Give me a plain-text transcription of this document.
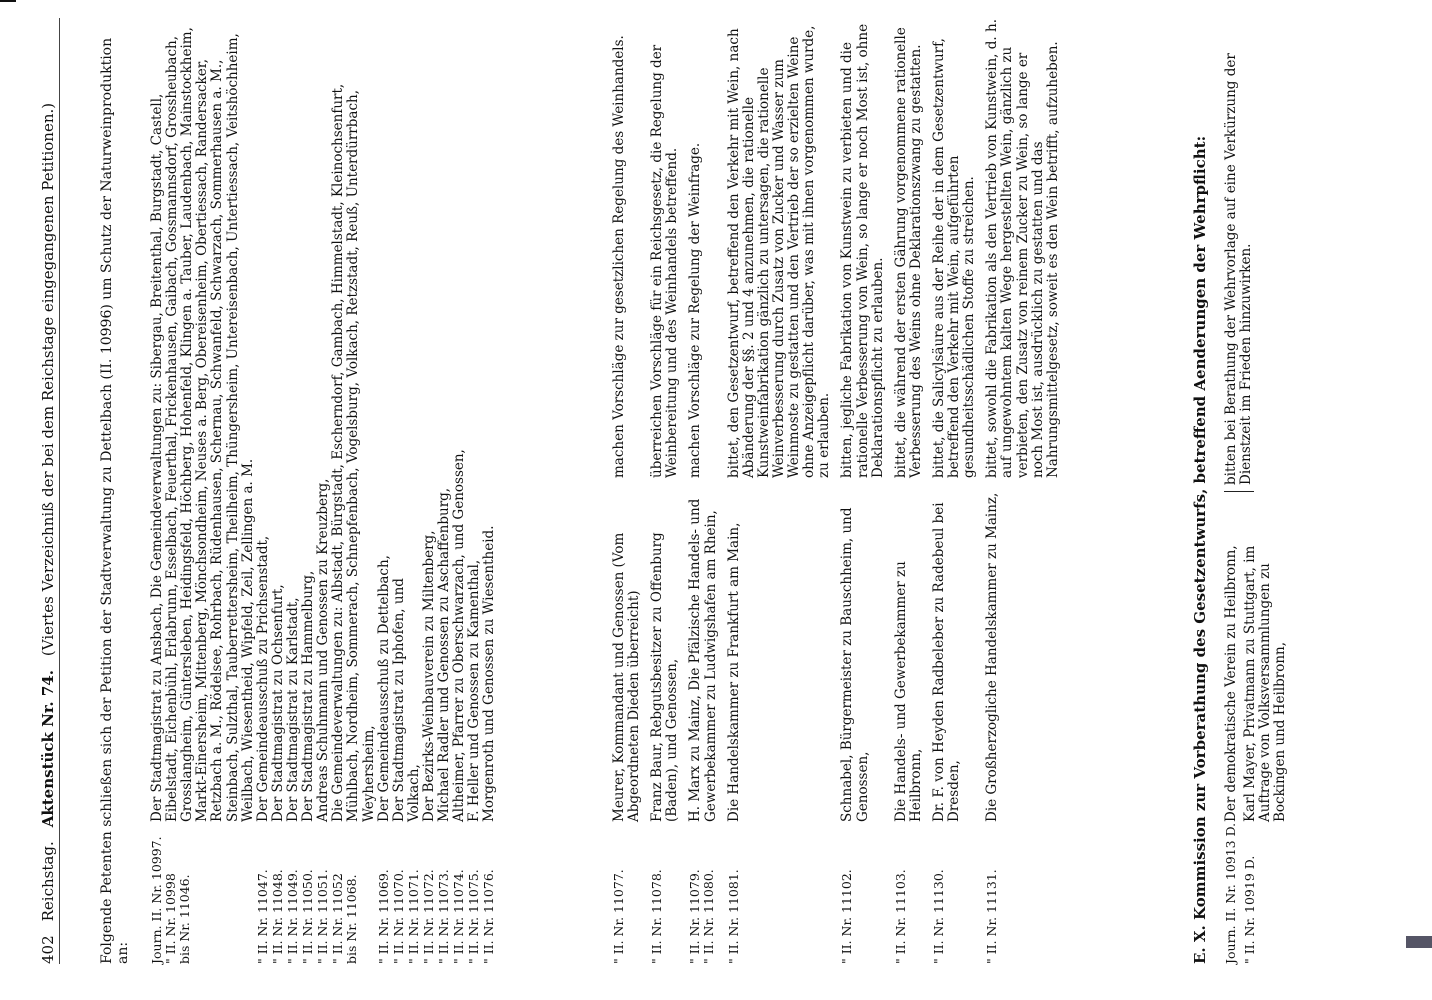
402
Reichstag.
Aktenstück Nr. 74.
(Viertes Verzeichniß der bei dem Reichstage eingegangenen Petitionen.)	Folgende Petenten schließen sich der Petition der Stadtverwaltung zu Dettelbach (II. 10996) um Schutz der Naturweinproduktion an: Journ. II. Nr. 10997.
" II. Nr. 10998
bis Nr. 11046.
Der Stadtmagistrat zu Ansbach, Die Gemeindeverwaltungen zu: Sibergau, Breitenthal, Burgstadt, Castell, Eibelstadt, Eichenbühl, Erlabrunn, Esselbach, Feuerthal, Frickenhausen, Gaibach, Gossmannsdorf, Grossheubach, Grosslangheim, Güntersleben, Heidingsfeld, Höchberg, Hohenfeld, Klingen a. Tauber, Laudenbach, Mainstockheim, Markt-Einersheim, Mittenberg, Mönchsondheim, Neuses a. Berg, Obereisenheim, Obertiessach, Randersacker, Retzbach a. M., Rödelsee, Rohrbach, Rüdenhausen, Schernau, Schwanfeld, Schwarzach, Sommerhausen a. M., Steinbach, Sulzthal, Tauberrettersheim, Theilheim, Thüngersheim, Untereisenbach, Untertiessach, Veitshöchheim, Weilbach, Wiesentheid, Wipfeld, Zeil, Zellingen a. M.
" II. Nr. 11047.
Der Gemeindeausschuß zu Prichsenstadt,
" II. Nr. 11048.
Der Stadtmagistrat zu Ochsenfurt,
" II. Nr. 11049.
Der Stadtmagistrat zu Karlstadt,
" II. Nr. 11050.
Der Stadtmagistrat zu Hammelburg,
" II. Nr. 11051.
Andreas Schuhmann und Genossen zu Kreuzberg,
" II. Nr. 11052
bis Nr. 11068.
Die Gemeindeverwaltungen zu: Albstadt, Bürgstadt, Escherndorf, Gambach, Himmelstadt, Kleinochsenfurt, Mühlbach, Nordheim, Sommerach, Schnepfenbach, Vogelsburg, Volkach, Retzstadt, Reuß, Unterdürrbach, Weyhersheim,
" II. Nr. 11069.
Der Gemeindeausschuß zu Dettelbach,
" II. Nr. 11070.
Der Stadtmagistrat zu Iphofen, und
" II. Nr. 11071.
Volkach,
" II. Nr. 11072.
Der Bezirks-Weinbauverein zu Miltenberg,
" II. Nr. 11073.
Michael Radler und Genossen zu Aschaffenburg,
" II. Nr. 11074.
Altheimer, Pfarrer zu Oberschwarzach, und Genossen,
" II. Nr. 11075.
F. Heller und Genossen zu Kamenthal,
" II. Nr. 11076.
Morgenroth und Genossen zu Wiesentheid.
" II. Nr. 11077.
Meurer, Kommandant und Genossen (Vom Abgeordneten Dieden überreicht)
machen Vorschläge zur gesetzlichen Regelung des Weinhandels.
" II. Nr. 11078.
Franz Baur, Rebgutsbesitzer zu Offenburg (Baden), und Genossen,
überreichen Vorschläge für ein Reichsgesetz, die Regelung der Weinbereitung und des Weinhandels betreffend.
" II. Nr. 11079.
" II. Nr. 11080.
H. Marx zu Mainz, Die Pfälzische Handels- und Gewerbekammer zu Ludwigshafen am Rhein,
machen Vorschläge zur Regelung der Weinfrage.
" II. Nr. 11081.
Die Handelskammer zu Frankfurt am Main,
bittet, den Gesetzentwurf, betreffend den Verkehr mit Wein, nach Abänderung der §§. 2 und 4 anzunehmen, die rationelle Kunstweinfabrikation gänzlich zu untersagen, die rationelle Weinverbesserung durch Zusatz von Zucker und Wasser zum Weinmoste zu gestatten und den Vertrieb der so erzielten Weine ohne Anzeigepflicht darüber, was mit ihnen vorgenommen wurde, zu erlauben.
" II. Nr. 11102.
Schnabel, Bürgermeister zu Bauschheim, und Genossen,
bitten, jegliche Fabrikation von Kunstwein zu verbieten und die rationelle Verbesserung von Wein, so lange er noch Most ist, ohne Deklarationspflicht zu erlauben.
" II. Nr. 11103.
Die Handels- und Gewerbekammer zu Heilbronn,
bittet, die während der ersten Gährung vorgenommene rationelle Verbesserung des Weins ohne Deklarationszwang zu gestatten.
" II. Nr. 11130.
Dr. F. von Heyden Radbeleber zu Radebeul bei Dresden,
bittet, die Salicylsäure aus der Reihe der in dem Gesetzentwurf, betreffend den Verkehr mit Wein, aufgeführten gesundheitsschädlichen Stoffe zu streichen.
" II. Nr. 11131.
Die Großherzogliche Handelskammer zu Mainz,
bittet, sowohl die Fabrikation als den Vertrieb von Kunstwein, d. h. auf ungewohntem kalten Wege hergestellten Wein, gänzlich zu verbieten, den Zusatz von reinem Zucker zu Wein, so lange er noch Most ist, ausdrücklich zu gestatten und das Nahrungsmittelgesetz, soweit es den Wein betrifft, aufzuheben.
E. X. Kommission zur Vorberathung des Gesetzentwurfs, betreffend Aenderungen der Wehrpflicht: Journ. II. Nr. 10913 D.
Der demokratische Verein zu Heilbronn,
" II. Nr. 10919 D.
Karl Mayer, Privatmann zu Stuttgart, im Auftrage von Volksversammlungen zu Bockingen und Heilbronn,
bitten bei Berathung der Wehrvorlage auf eine Verkürzung der Dienstzeit im Frieden hinzuwirken.
